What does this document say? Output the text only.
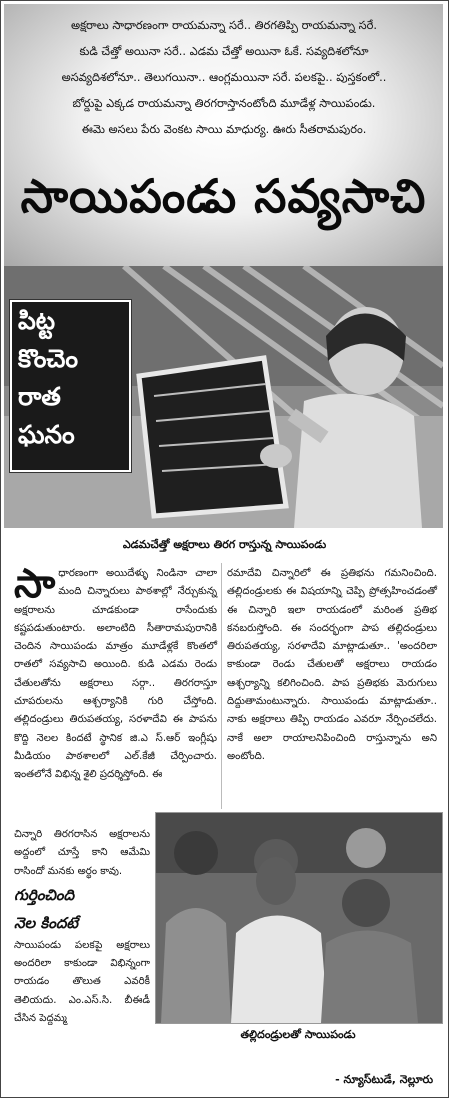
అక్షరాలు సాధారణంగా రాయమన్నా సరే.. తిరగతిప్పి రాయమన్నా సరే.
కుడి చేత్తో అయినా సరే.. ఎడమ చేత్తో అయినా ఓకే. సవ్యదిశలోనూ
అసవ్యదిశలోనూ.. తెలుగయినా.. ఆంగ్లమయినా సరే. పలకపై.. పుస్తకంలో..
బోర్డుపై ఎక్కడ రాయమన్నా తిరగరాస్తానంటోంది మూడేళ్ల సాయిపండు.
ఈమె అసలు పేరు వెంకట సాయి మాధుర్య. ఊరు సీతరామపురం.
సాయిపండు సవ్యసాచి
పిట్ట
కొంచెం
రాత
ఘనం
ఎడమచేత్తో అక్షరాలు తిరగ రాస్తున్న సాయిపండు
సా ధారణంగా అయిదేళ్ళు నిండినా చాలా మంది చిన్నారులు పాఠశాల్లో నేర్చుకున్న అక్షరాలను చూడకుండా రాసేందుకు కష్టపడుతుంటారు. అలాంటిది సీతారామపురానికి చెందిన సాయిపండు మాత్రం మూడేళ్లకే కొంతలో రాతలో సవ్యసాచి అయింది. కుడి ఎడమ రెండు చేతులతోను అక్షరాలు సర్గా.. తిరగరాస్తూ చూపరులను ఆశ్చర్యానికి గురి చేస్తోంది. తల్లిదండ్రులు తిరుపతయ్య, సరళాదేవి ఈ పాపను కొద్ది నెలల కిందటే స్థానిక జి.ఎ స్.ఆర్ ఇంగ్లీషు మీడియం పాఠశాలలో ఎల్.కేజీ చేర్పించారు. ఇంతలోనే విభిన్న శైలి ప్రదర్శిస్తోంది. ఈ
రమాదేవి చిన్నారిలో ఈ ప్రతిభను గమనించింది. తల్లిదండ్రులకు ఈ విషయాన్ని చెప్పి ప్రోత్సహించడంతో ఈ చిన్నారి ఇలా రాయడంలో మరింత ప్రతిభ కనబరుస్తోంది. ఈ సందర్భంగా పాప తల్లిదండ్రులు తిరుపతయ్య, సరళాదేవి మాట్లాడుతూ.. 'అందరిలా కాకుండా రెండు చేతులతో అక్షరాలు రాయడం ఆశ్చర్యాన్ని కలిగించింది. పాప ప్రతిభకు మెరుగులు దిద్దుతామంటున్నారు. సాయిపండు మాట్లాడుతూ.. నాకు అక్షరాలు తిప్పి రాయడం ఎవరూ నేర్పించలేదు. నాకే అలా రాయాలనిపించింది రాస్తున్నాను అని అంటోంది.

చిన్నారి తిరగరాసిన అక్షరాలను అద్దంలో చూస్తే కాని ఆమేమి రాసిందో మనకు అర్థం కావు.

గుర్తించింది
నెల కిందటే

సాయిపండు పలకపై అక్షరాలు అందరిలా కాకుండా విభిన్నంగా రాయడం తొలుత ఎవరికీ తెలియదు. ఎం.ఎస్.సి. బీఈడీ చేసిన పెద్దమ్మ

తల్లిదండ్రులతో సాయిపండు
- న్యూస్‌టుడే, నెల్లూరు
